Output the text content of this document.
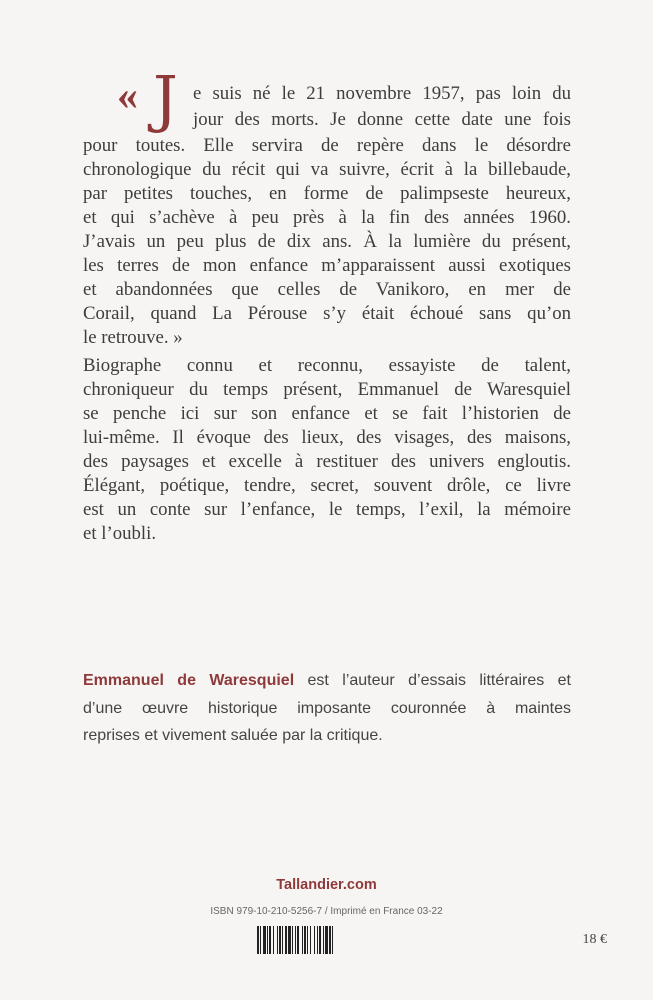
« J e suis né le 21 novembre 1957, pas loin du
jour des morts. Je donne cette date une fois
pour toutes. Elle servira de repère dans le désordre
chronologique du récit qui va suivre, écrit à la billebaude,
par petites touches, en forme de palimpseste heureux,
et qui s’achève à peu près à la fin des années 1960.
J’avais un peu plus de dix ans. À la lumière du présent,
les terres de mon enfance m’apparaissent aussi exotiques
et abandonnées que celles de Vanikoro, en mer de
Corail, quand La Pérouse s’y était échoué sans qu’on
le retrouve. »
Biographe connu et reconnu, essayiste de talent,
chroniqueur du temps présent, Emmanuel de Waresquiel
se penche ici sur son enfance et se fait l’historien de
lui-même. Il évoque des lieux, des visages, des maisons,
des paysages et excelle à restituer des univers engloutis.
Élégant, poétique, tendre, secret, souvent drôle, ce livre
est un conte sur l’enfance, le temps, l’exil, la mémoire
et l’oubli.
Emmanuel de Waresquiel est l’auteur d’essais littéraires et
d’une œuvre historique imposante couronnée à maintes
reprises et vivement saluée par la critique.
Tallandier.com
ISBN 979-10-210-5256-7 / Imprimé en France 03-22
18 €
